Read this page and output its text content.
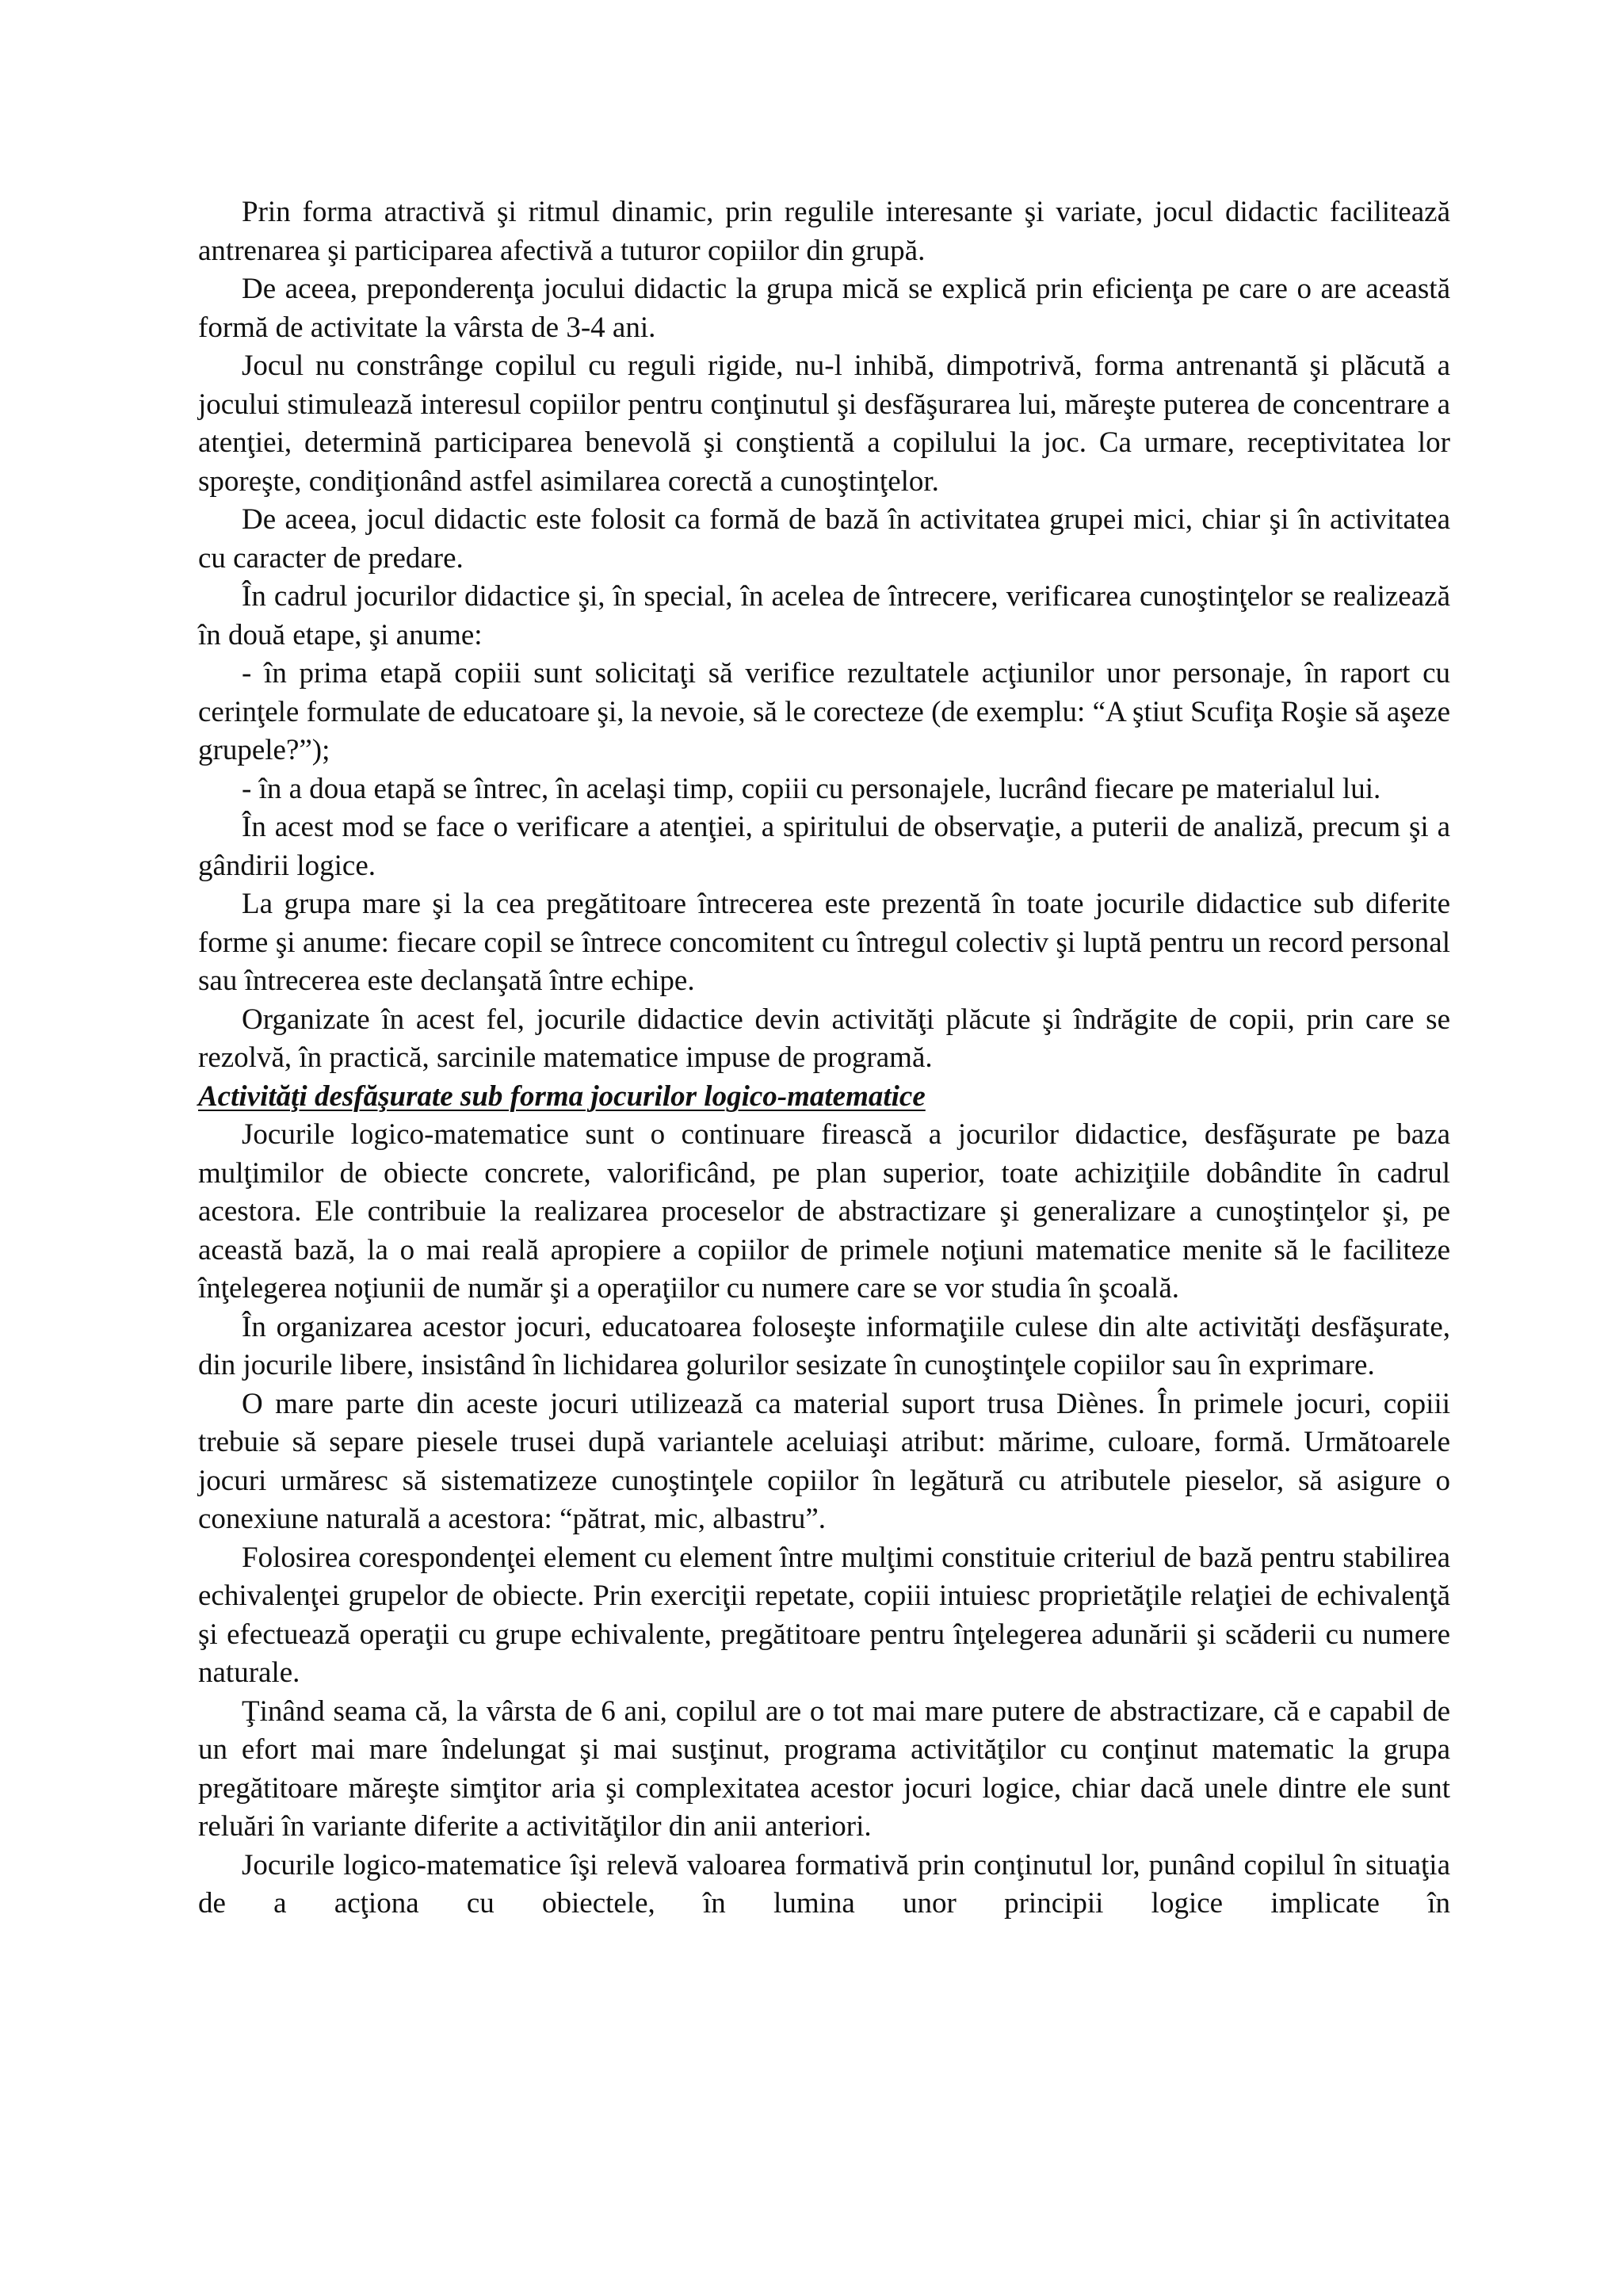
Prin forma atractivă şi ritmul dinamic, prin regulile interesante şi variate, jocul didactic facilitează antrenarea şi participarea afectivă a tuturor copiilor din grupă.

De aceea, preponderenţa jocului didactic la grupa mică se explică prin eficienţa pe care o are această formă de activitate la vârsta de 3-4 ani.

Jocul nu constrânge copilul cu reguli rigide, nu-l inhibă, dimpotrivă, forma antrenantă şi plăcută a jocului stimulează interesul copiilor pentru conţinutul şi desfăşurarea lui, măreşte puterea de concentrare a atenţiei, determină participarea benevolă şi conştientă a copilului la joc. Ca urmare, receptivitatea lor sporeşte, condiţionând astfel asimilarea corectă a cunoştinţelor.

De aceea, jocul didactic este folosit ca formă de bază în activitatea grupei mici, chiar şi în activitatea cu caracter de predare.

În cadrul jocurilor didactice şi, în special, în acelea de întrecere, verificarea cunoştinţelor se realizează în două etape, şi anume:

- în prima etapă copiii sunt solicitaţi să verifice rezultatele acţiunilor unor personaje, în raport cu cerinţele formulate de educatoare şi, la nevoie, să le corecteze (de exemplu: “A ştiut Scufiţa Roşie să aşeze grupele?”);

- în a doua etapă se întrec, în acelaşi timp, copiii cu personajele, lucrând fiecare pe materialul lui.

În acest mod se face o verificare a atenţiei, a spiritului de observaţie, a puterii de analiză, precum şi a gândirii logice.

La grupa mare şi la cea pregătitoare întrecerea este prezentă în toate jocurile didactice sub diferite forme şi anume: fiecare copil se întrece concomitent cu întregul colectiv şi luptă pentru un record personal sau întrecerea este declanşată între echipe.

Organizate în acest fel, jocurile didactice devin activităţi plăcute şi îndrăgite de copii, prin care se rezolvă, în practică, sarcinile matematice impuse de programă.

Activităţi desfăşurate sub forma jocurilor logico-matematice

Jocurile logico-matematice sunt o continuare firească a jocurilor didactice, desfăşurate pe baza mulţimilor de obiecte concrete, valorificând, pe plan superior, toate achiziţiile dobândite în cadrul acestora. Ele contribuie la realizarea proceselor de abstractizare şi generalizare a cunoştinţelor şi, pe această bază, la o mai reală apropiere a copiilor de primele noţiuni matematice menite să le faciliteze înţelegerea noţiunii de număr şi a operaţiilor cu numere care se vor studia în şcoală.

În organizarea acestor jocuri, educatoarea foloseşte informaţiile culese din alte activităţi desfăşurate, din jocurile libere, insistând în lichidarea golurilor sesizate în cunoştinţele copiilor sau în exprimare.

O mare parte din aceste jocuri utilizează ca material suport trusa Diènes. În primele jocuri, copiii trebuie să separe piesele trusei după variantele aceluiaşi atribut: mărime, culoare, formă. Următoarele jocuri urmăresc să sistematizeze cunoştinţele copiilor în legătură cu atributele pieselor, să asigure o conexiune naturală a acestora: “pătrat, mic, albastru”.

Folosirea corespondenţei element cu element între mulţimi constituie criteriul de bază pentru stabilirea echivalenţei grupelor de obiecte. Prin exerciţii repetate, copiii intuiesc proprietăţile relaţiei de echivalenţă şi efectuează operaţii cu grupe echivalente, pregătitoare pentru înţelegerea adunării şi scăderii cu numere naturale.

Ţinând seama că, la vârsta de 6 ani, copilul are o tot mai mare putere de abstractizare, că e capabil de un efort mai mare îndelungat şi mai susţinut, programa activităţilor cu conţinut matematic la grupa pregătitoare măreşte simţitor aria şi complexitatea acestor jocuri logice, chiar dacă unele dintre ele sunt reluări în variante diferite a activităţilor din anii anteriori.

Jocurile logico-matematice îşi relevă valoarea formativă prin conţinutul lor, punând copilul în situaţia de a acţiona cu obiectele, în lumina unor principii logice implicate în
